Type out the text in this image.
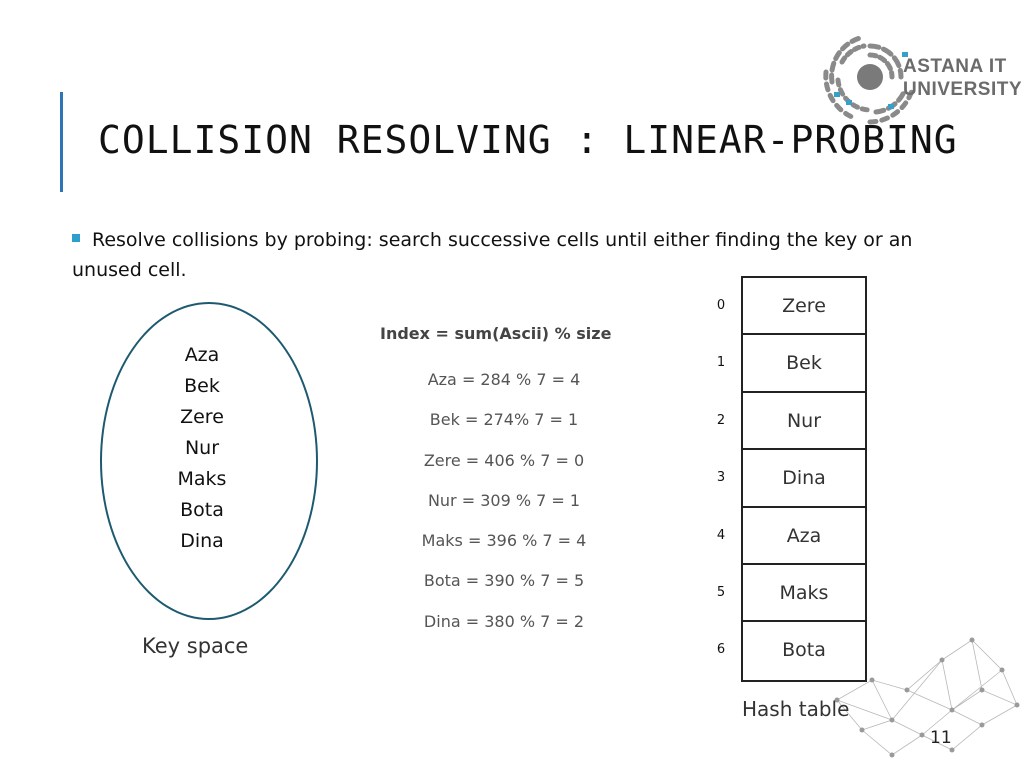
COLLISION RESOLVING : LINEAR-PROBING
ASTANA IT
UNIVERSITY
Resolve collisions by probing: search successive cells until either finding the key or an unused cell.
Aza
Bek
Zere
Nur
Maks
Bota
Dina
Key space
Index = sum(Ascii) % size
Aza = 284 % 7 = 4
Bek = 274% 7 = 1
Zere = 406 % 7 = 0
Nur = 309 % 7 = 1
Maks = 396 % 7 = 4
Bota = 390 % 7 = 5
Dina = 380 % 7 = 2
0
1
2
3
4
5
6
Zere
Bek
Nur
Dina
Aza
Maks
Bota
Hash table
11
